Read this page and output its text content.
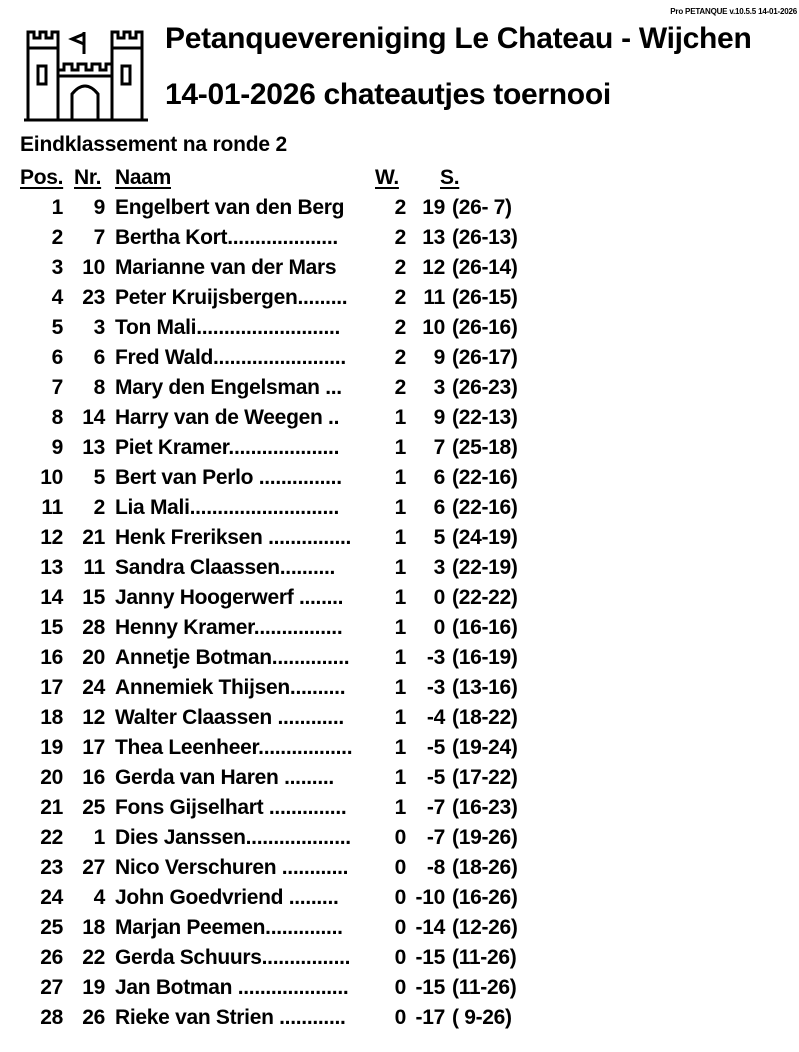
Pro PETANQUE v.10.5.5 14-01-2026
Petanquevereniging Le Chateau - Wijchen
14-01-2026 chateautjes toernooi
Eindklassement na ronde 2
Pos. Nr. Naam	W. S.
1 9 Engelbert van den Berg	2 19 (26- 7)
2 7 Bertha Kort....................	2 13 (26-13)
3 10 Marianne van der Mars	2 12 (26-14)
4 23 Peter Kruijsbergen.........	2 11 (26-15)
5 3 Ton Mali..........................	2 10 (26-16)
6 6 Fred Wald........................	2 9 (26-17)
7 8 Mary den Engelsman ...	2 3 (26-23)
8 14 Harry van de Weegen ..	1 9 (22-13)
9 13 Piet Kramer....................	1 7 (25-18)
10 5 Bert van Perlo ...............	1 6 (22-16)
11 2 Lia Mali...........................	1 6 (22-16)
12 21 Henk Freriksen ...............	1 5 (24-19)
13 11 Sandra Claassen..........	1 3 (22-19)
14 15 Janny Hoogerwerf ........	1 0 (22-22)
15 28 Henny Kramer................	1 0 (16-16)
16 20 Annetje Botman..............	1 -3 (16-19)
17 24 Annemiek Thijsen..........	1 -3 (13-16)
18 12 Walter Claassen ............	1 -4 (18-22)
19 17 Thea Leenheer.................	1 -5 (19-24)
20 16 Gerda van Haren .........	1 -5 (17-22)
21 25 Fons Gijselhart ..............	1 -7 (16-23)
22 1 Dies Janssen...................	0 -7 (19-26)
23 27 Nico Verschuren ............	0 -8 (18-26)
24 4 John Goedvriend .........	0 -10 (16-26)
25 18 Marjan Peemen..............	0 -14 (12-26)
26 22 Gerda Schuurs................	0 -15 (11-26)
27 19 Jan Botman ....................	0 -15 (11-26)
28 26 Rieke van Strien ............	0 -17 ( 9-26)
